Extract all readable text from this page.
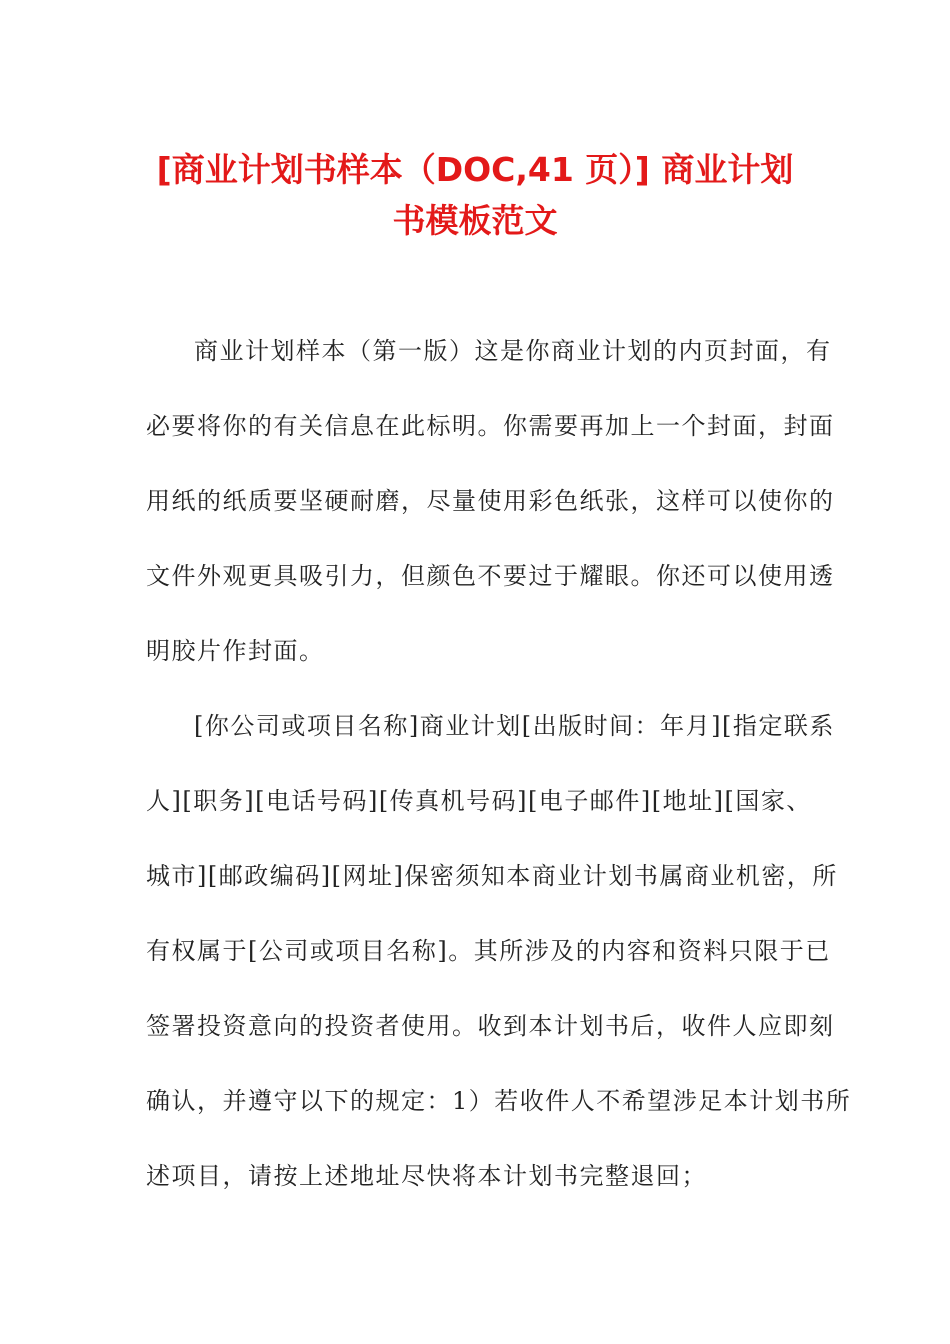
[商业计划书样本（DOC,41 页）] 商业计划
书模板范文
商业计划样本（第一版）这是你商业计划的内页封面，有
必要将你的有关信息在此标明。你需要再加上一个封面，封面
用纸的纸质要坚硬耐磨，尽量使用彩色纸张，这样可以使你的
文件外观更具吸引力，但颜色不要过于耀眼。你还可以使用透
明胶片作封面。
[你公司或项目名称]商业计划[出版时间：年月][指定联系
人][职务][电话号码][传真机号码][电子邮件][地址][国家、
城市][邮政编码][网址]保密须知本商业计划书属商业机密，所
有权属于[公司或项目名称]。其所涉及的内容和资料只限于已
签署投资意向的投资者使用。收到本计划书后，收件人应即刻
确认，并遵守以下的规定：1）若收件人不希望涉足本计划书所
述项目，请按上述地址尽快将本计划书完整退回；
